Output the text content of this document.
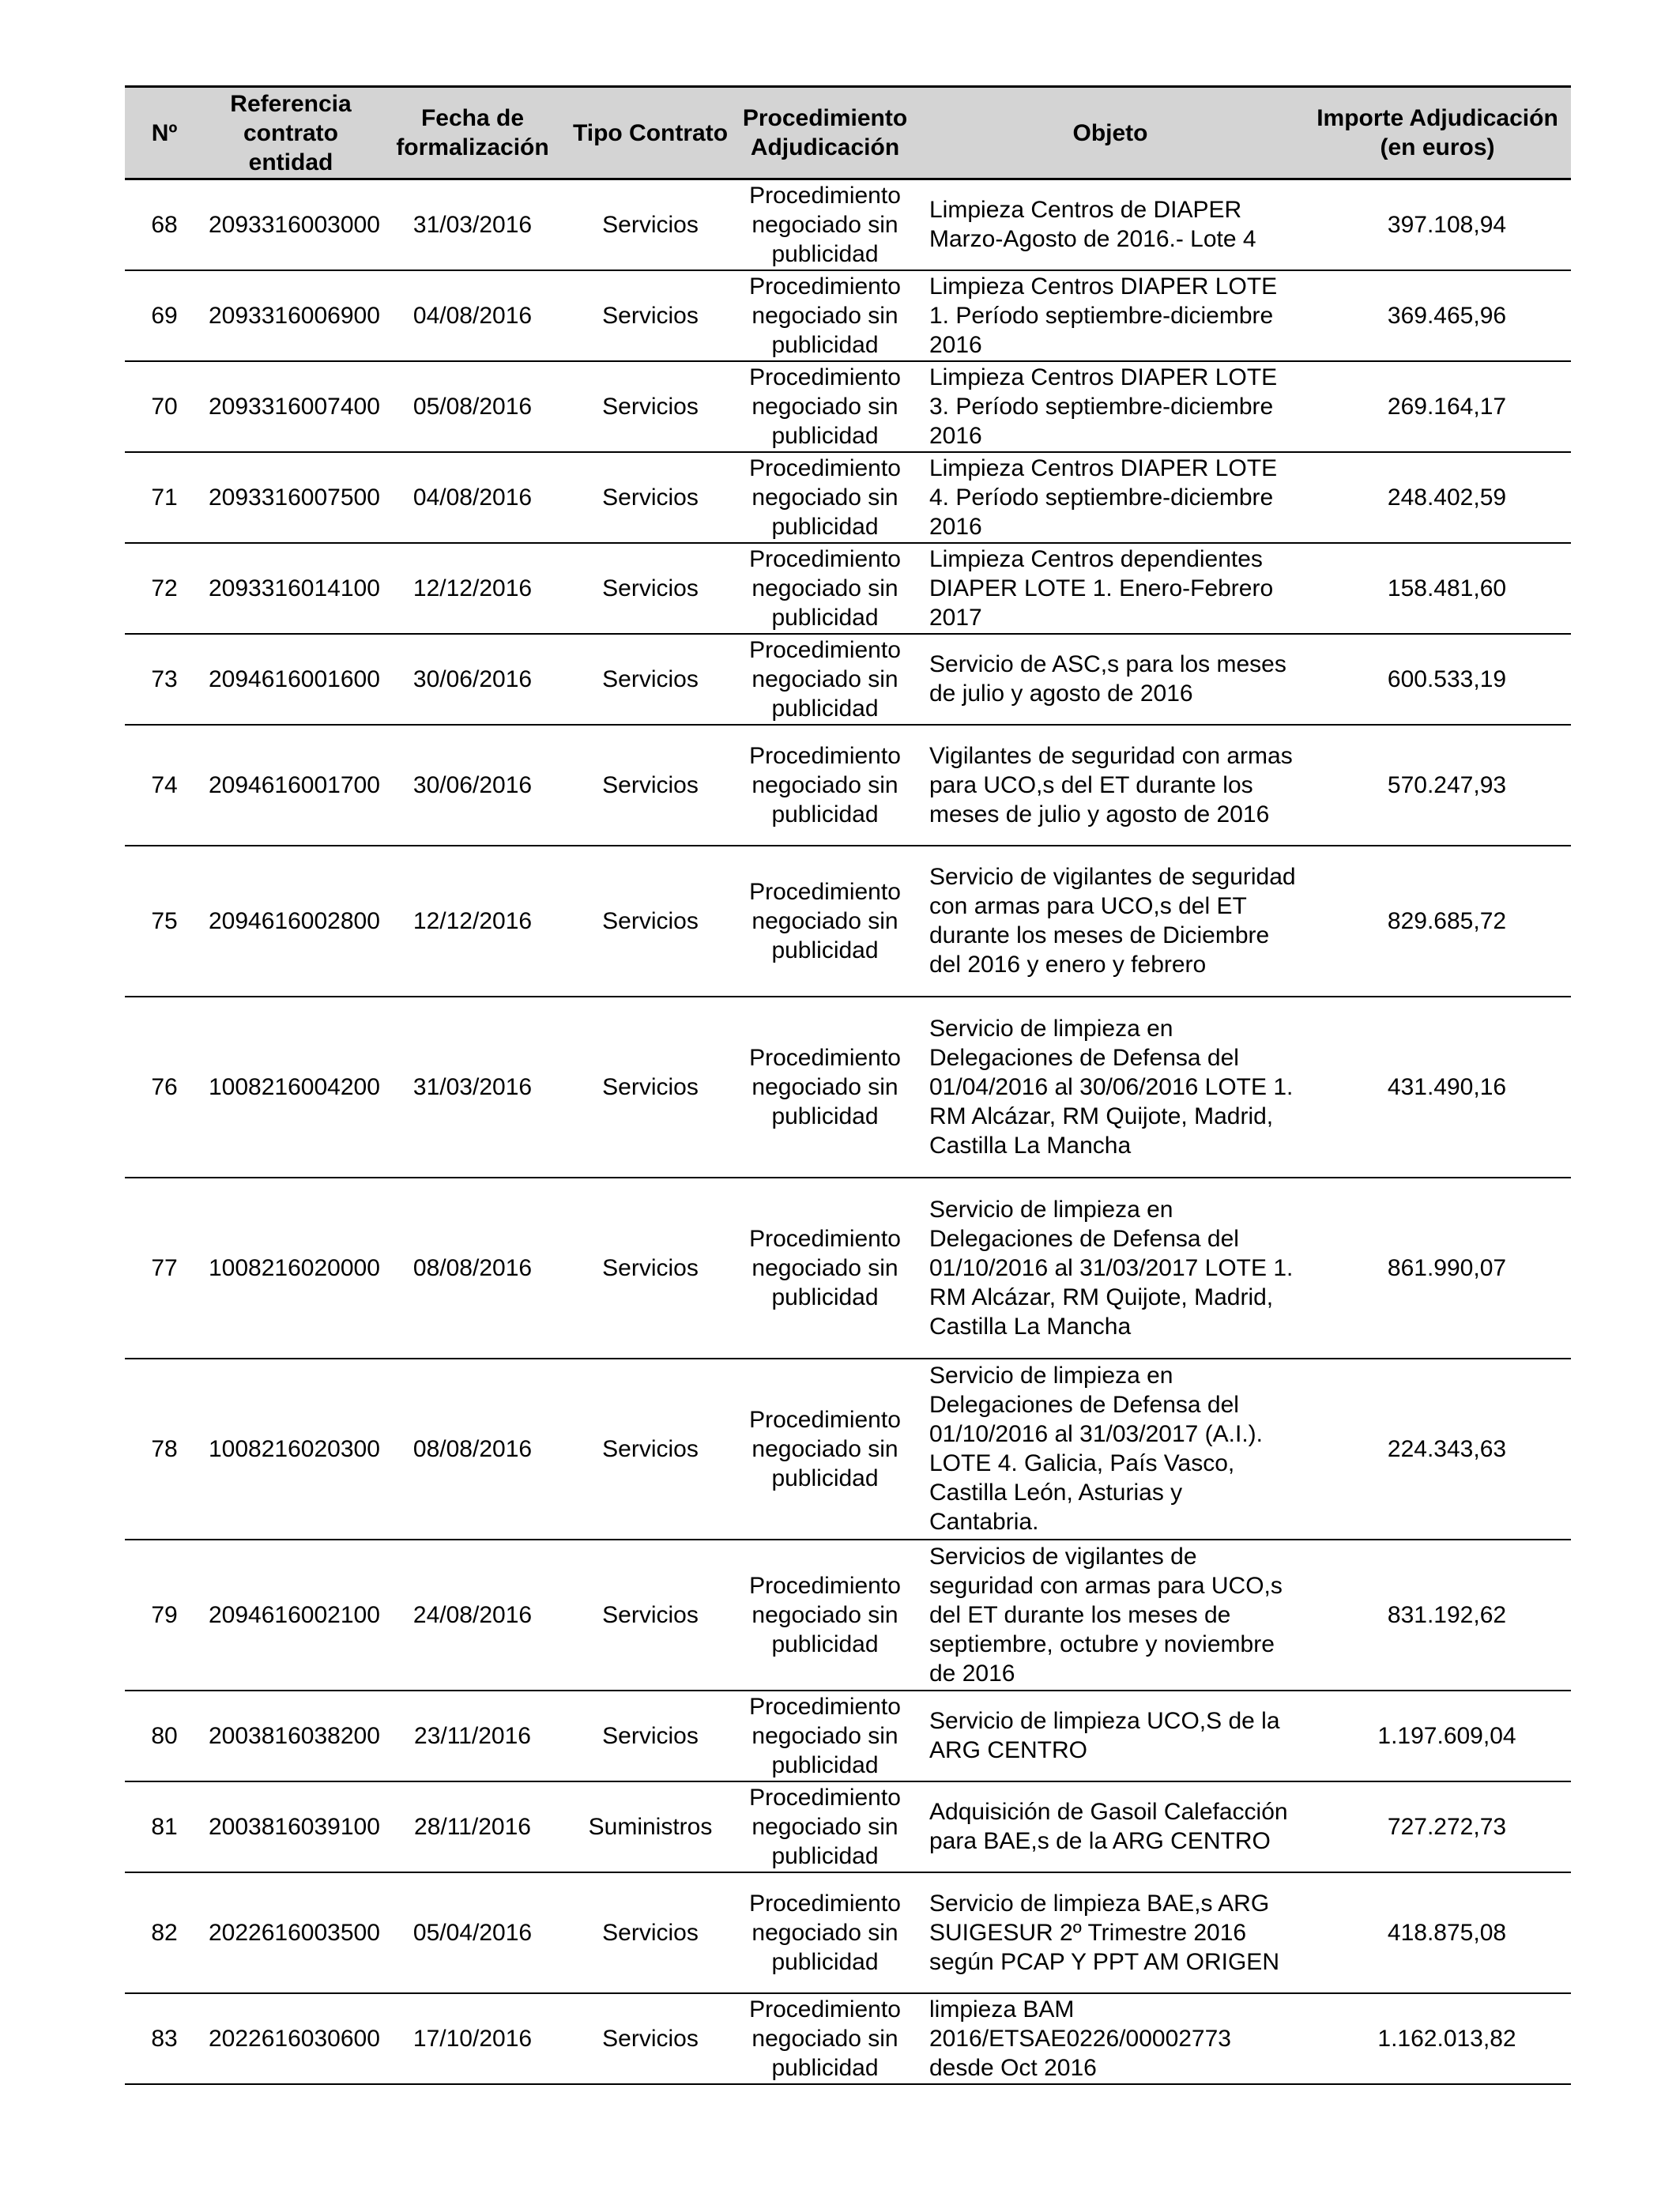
Nº	Referencia contrato entidad	Fecha de formalización	Tipo Contrato	Procedimiento Adjudicación	Objeto	Importe Adjudicación (en euros)
68	2093316003000	31/03/2016	Servicios	Procedimiento negociado sin publicidad	Limpieza Centros de DIAPER Marzo-Agosto de 2016.- Lote 4	397.108,94
69	2093316006900	04/08/2016	Servicios	Procedimiento negociado sin publicidad	Limpieza Centros DIAPER LOTE 1. Período septiembre-diciembre 2016	369.465,96
70	2093316007400	05/08/2016	Servicios	Procedimiento negociado sin publicidad	Limpieza Centros DIAPER LOTE 3. Período septiembre-diciembre 2016	269.164,17
71	2093316007500	04/08/2016	Servicios	Procedimiento negociado sin publicidad	Limpieza Centros DIAPER LOTE 4. Período septiembre-diciembre 2016	248.402,59
72	2093316014100	12/12/2016	Servicios	Procedimiento negociado sin publicidad	Limpieza Centros dependientes DIAPER LOTE 1. Enero-Febrero 2017	158.481,60
73	2094616001600	30/06/2016	Servicios	Procedimiento negociado sin publicidad	Servicio de ASC,s para los meses de julio y agosto de 2016	600.533,19
74	2094616001700	30/06/2016	Servicios	Procedimiento negociado sin publicidad	Vigilantes de seguridad con armas para UCO,s del ET durante los meses de julio y agosto de 2016	570.247,93
75	2094616002800	12/12/2016	Servicios	Procedimiento negociado sin publicidad	Servicio de vigilantes de seguridad con armas para UCO,s del ET durante los meses de Diciembre del 2016 y enero y febrero	829.685,72
76	1008216004200	31/03/2016	Servicios	Procedimiento negociado sin publicidad	Servicio de limpieza en Delegaciones de Defensa del 01/04/2016 al 30/06/2016 LOTE 1. RM Alcázar, RM Quijote, Madrid, Castilla La Mancha	431.490,16
77	1008216020000	08/08/2016	Servicios	Procedimiento negociado sin publicidad	Servicio de limpieza en Delegaciones de Defensa del 01/10/2016 al 31/03/2017 LOTE 1. RM Alcázar, RM Quijote, Madrid, Castilla La Mancha	861.990,07
78	1008216020300	08/08/2016	Servicios	Procedimiento negociado sin publicidad	Servicio de limpieza en Delegaciones de Defensa del 01/10/2016 al 31/03/2017 (A.I.). LOTE 4. Galicia, País Vasco, Castilla León, Asturias y Cantabria.	224.343,63
79	2094616002100	24/08/2016	Servicios	Procedimiento negociado sin publicidad	Servicios de vigilantes de seguridad con armas para UCO,s del ET durante los meses de septiembre, octubre y noviembre de 2016	831.192,62
80	2003816038200	23/11/2016	Servicios	Procedimiento negociado sin publicidad	Servicio de limpieza UCO,S de la ARG CENTRO	1.197.609,04
81	2003816039100	28/11/2016	Suministros	Procedimiento negociado sin publicidad	Adquisición de Gasoil Calefacción para BAE,s de la ARG CENTRO	727.272,73
82	2022616003500	05/04/2016	Servicios	Procedimiento negociado sin publicidad	Servicio de limpieza BAE,s ARG SUIGESUR 2º Trimestre 2016 según PCAP Y PPT AM ORIGEN	418.875,08
83	2022616030600	17/10/2016	Servicios	Procedimiento negociado sin publicidad	limpieza BAM 2016/ETSAE0226/00002773 desde Oct 2016	1.162.013,82
